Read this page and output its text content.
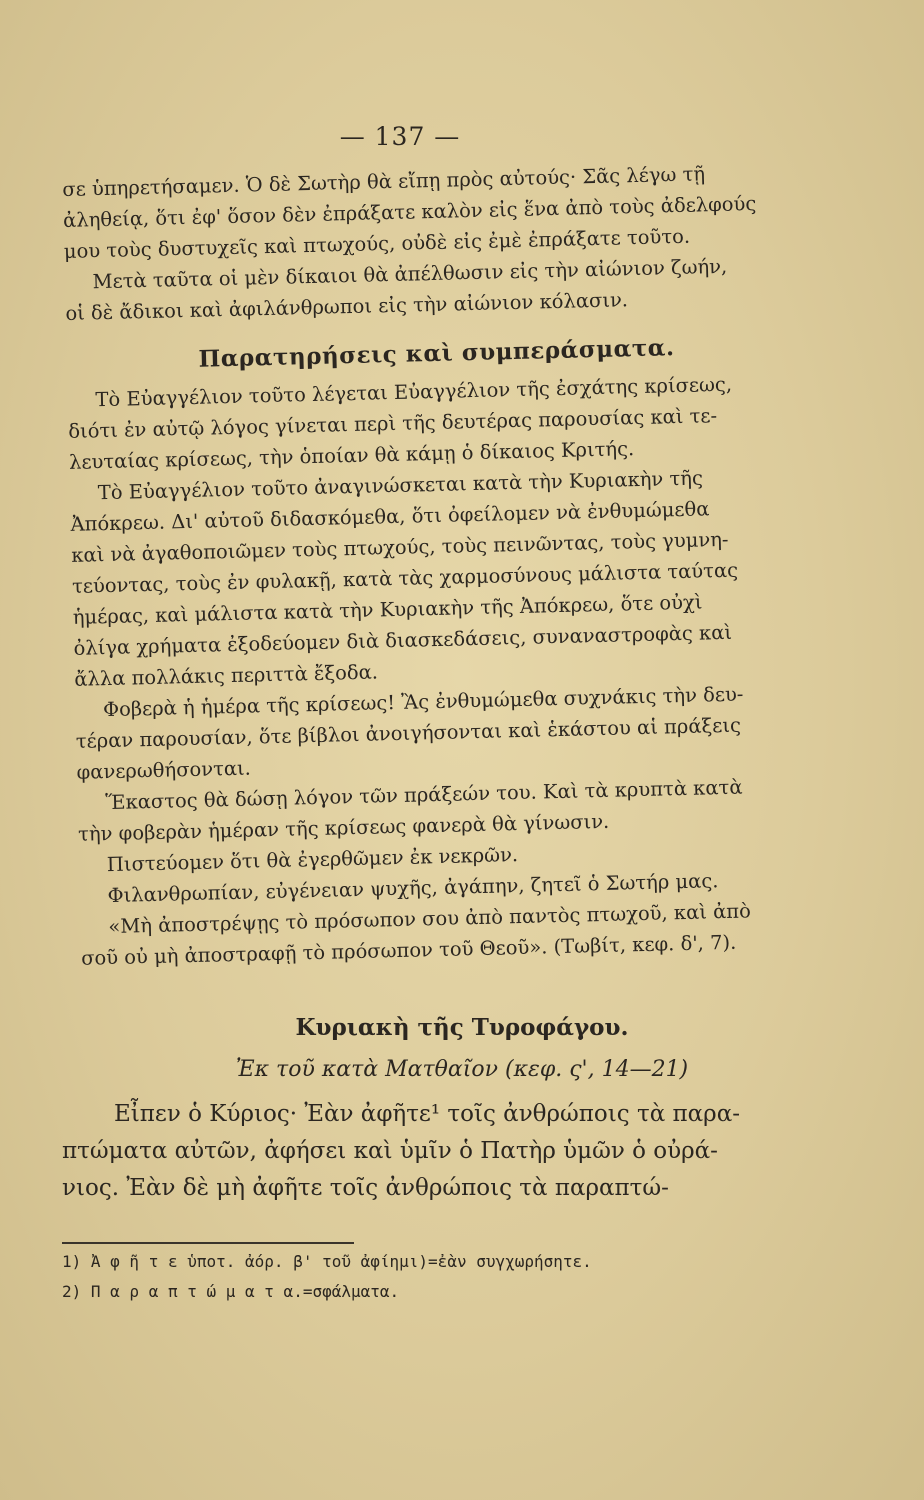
— 137 —
σε ὑπηρετήσαμεν. Ὁ δὲ Σωτὴρ θὰ εἴπῃ πρὸς αὐτούς· Σᾶς λέγω τῇ
ἀληθείᾳ, ὅτι ἐφ' ὅσον δὲν ἐπράξατε καλὸν εἰς ἕνα ἀπὸ τοὺς ἀδελφούς
μου τοὺς δυστυχεῖς καὶ πτωχούς, οὐδὲ εἰς ἐμὲ ἐπράξατε τοῦτο.
Μετὰ ταῦτα οἱ μὲν δίκαιοι θὰ ἀπέλθωσιν εἰς τὴν αἰώνιον ζωήν,
οἱ δὲ ἄδικοι καὶ ἀφιλάνθρωποι εἰς τὴν αἰώνιον κόλασιν.
Παρατηρήσεις καὶ συμπεράσματα.
Τὸ Εὐαγγέλιον τοῦτο λέγεται Εὐαγγέλιον τῆς ἐσχάτης κρίσεως,
διότι ἐν αὐτῷ λόγος γίνεται περὶ τῆς δευτέρας παρουσίας καὶ τε-
λευταίας κρίσεως, τὴν ὁποίαν θὰ κάμῃ ὁ δίκαιος Κριτής.
Τὸ Εὐαγγέλιον τοῦτο ἀναγινώσκεται κατὰ τὴν Κυριακὴν τῆς
Ἀπόκρεω. Δι' αὐτοῦ διδασκόμεθα, ὅτι ὀφείλομεν νὰ ἐνθυμώμεθα
καὶ νὰ ἀγαθοποιῶμεν τοὺς πτωχούς, τοὺς πεινῶντας, τοὺς γυμνη-
τεύοντας, τοὺς ἐν φυλακῇ, κατὰ τὰς χαρμοσύνους μάλιστα ταύτας
ἡμέρας, καὶ μάλιστα κατὰ τὴν Κυριακὴν τῆς Ἀπόκρεω, ὅτε οὐχὶ
ὀλίγα χρήματα ἐξοδεύομεν διὰ διασκεδάσεις, συναναστροφὰς καὶ
ἄλλα πολλάκις περιττὰ ἔξοδα.
Φοβερὰ ἡ ἡμέρα τῆς κρίσεως! Ἂς ἐνθυμώμεθα συχνάκις τὴν δευ-
τέραν παρουσίαν, ὅτε βίβλοι ἀνοιγήσονται καὶ ἑκάστου αἱ πράξεις
φανερωθήσονται.
Ἕκαστος θὰ δώσῃ λόγον τῶν πράξεών του. Καὶ τὰ κρυπτὰ κατὰ
τὴν φοβερὰν ἡμέραν τῆς κρίσεως φανερὰ θὰ γίνωσιν.
Πιστεύομεν ὅτι θὰ ἐγερθῶμεν ἐκ νεκρῶν.
Φιλανθρωπίαν, εὐγένειαν ψυχῆς, ἀγάπην, ζητεῖ ὁ Σωτήρ μας.
«Μὴ ἀποστρέψῃς τὸ πρόσωπον σου ἀπὸ παντὸς πτωχοῦ, καὶ ἀπὸ
σοῦ οὐ μὴ ἀποστραφῇ τὸ πρόσωπον τοῦ Θεοῦ». (Τωβίτ, κεφ. δ', 7).
Κυριακὴ τῆς Τυροφάγου.
Ἐκ τοῦ κατὰ Ματθαῖον (κεφ. ς', 14—21)
Εἶπεν ὁ Κύριος· Ἐὰν ἀφῆτε¹ τοῖς ἀνθρώποις τὰ παρα-
πτώματα αὐτῶν, ἀφήσει καὶ ὑμῖν ὁ Πατὴρ ὑμῶν ὁ οὐρά-
νιος. Ἐὰν δὲ μὴ ἀφῆτε τοῖς ἀνθρώποις τὰ παραπτώ-
1) Ἀ φ ῆ τ ε ὑποτ. ἀόρ. β' τοῦ ἀφίημι)=ἐὰν συγχωρήσητε.
2) Π α ρ α π τ ώ μ α τ α.=σφάλματα.
